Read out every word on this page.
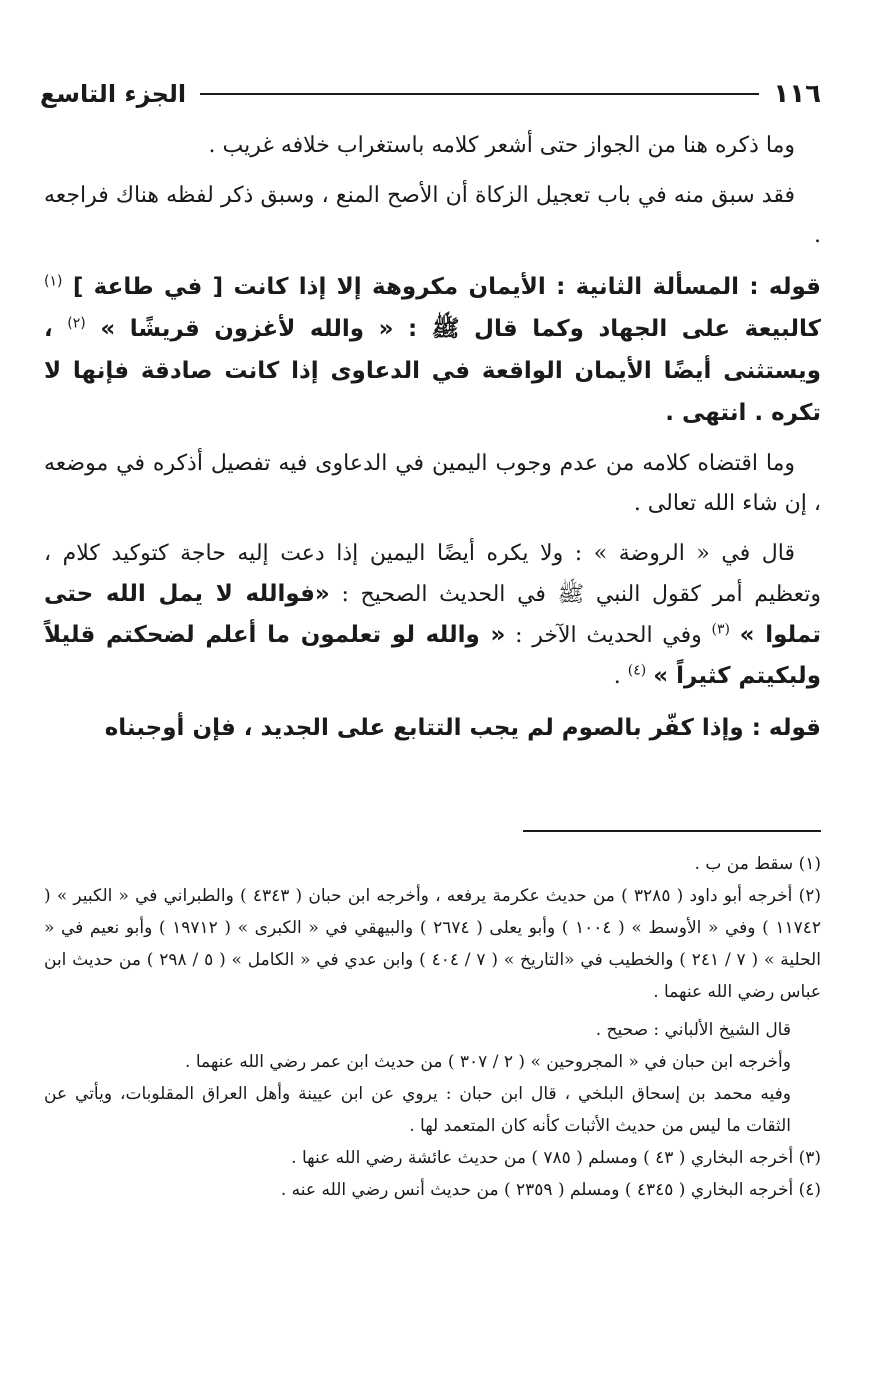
١١٦
الجزء التاسع

وما ذكره هنا من الجواز حتى أشعر كلامه باستغراب خلافه غريب .

فقد سبق منه في باب تعجيل الزكاة أن الأصح المنع ، وسبق ذكر لفظه هناك فراجعه .

قوله : المسألة الثانية : الأيمان مكروهة إلا إذا كانت [ في طاعة ] $^{(١)}$ كالبيعة على الجهاد وكما قال ﷺ : « والله لأغزون قريشًا » $^{(٢)}$ ، ويستثنى أيضًا الأيمان الواقعة في الدعاوى إذا كانت صادقة فإنها لا تكره . انتهى .

وما اقتضاه كلامه من عدم وجوب اليمين في الدعاوى فيه تفصيل أذكره في موضعه ، إن شاء الله تعالى .

قال في « الروضة » : ولا يكره أيضًا اليمين إذا دعت إليه حاجة كتوكيد كلام ، وتعظيم أمر كقول النبي ﷺ في الحديث الصحيح : «فوالله لا يمل الله حتى تملوا » $^{(٣)}$ وفي الحديث الآخر : « والله لو تعلمون ما أعلم لضحكتم قليلاً ولبكيتم كثيراً » $^{(٤)}$ .

قوله : وإذا كفّر بالصوم لم يجب التتابع على الجديد ، فإن أوجبناه

(١) سقط من ب .

(٢) أخرجه أبو داود ( ٣٢٨٥ ) من حديث عكرمة يرفعه ، وأخرجه ابن حبان ( ٤٣٤٣ ) والطبراني في « الكبير » ( ١١٧٤٢ ) وفي « الأوسط » ( ١٠٠٤ ) وأبو يعلى ( ٢٦٧٤ ) والبيهقي في « الكبرى » ( ١٩٧١٢ ) وأبو نعيم في « الحلية » ( ٧ / ٢٤١ ) والخطيب في «التاريخ » ( ٧ / ٤٠٤ ) وابن عدي في « الكامل » ( ٥ / ٢٩٨ ) من حديث ابن عباس رضي الله عنهما .

قال الشيخ الألباني : صحيح .

وأخرجه ابن حبان في « المجروحين » ( ٢ / ٣٠٧ ) من حديث ابن عمر رضي الله عنهما .

وفيه محمد بن إسحاق البلخي ، قال ابن حبان : يروي عن ابن عيينة وأهل العراق المقلوبات، ويأتي عن الثقات ما ليس من حديث الأثبات كأنه كان المتعمد لها .

(٣) أخرجه البخاري ( ٤٣ ) ومسلم ( ٧٨٥ ) من حديث عائشة رضي الله عنها .

(٤) أخرجه البخاري ( ٤٣٤٥ ) ومسلم ( ٢٣٥٩ ) من حديث أنس رضي الله عنه .
